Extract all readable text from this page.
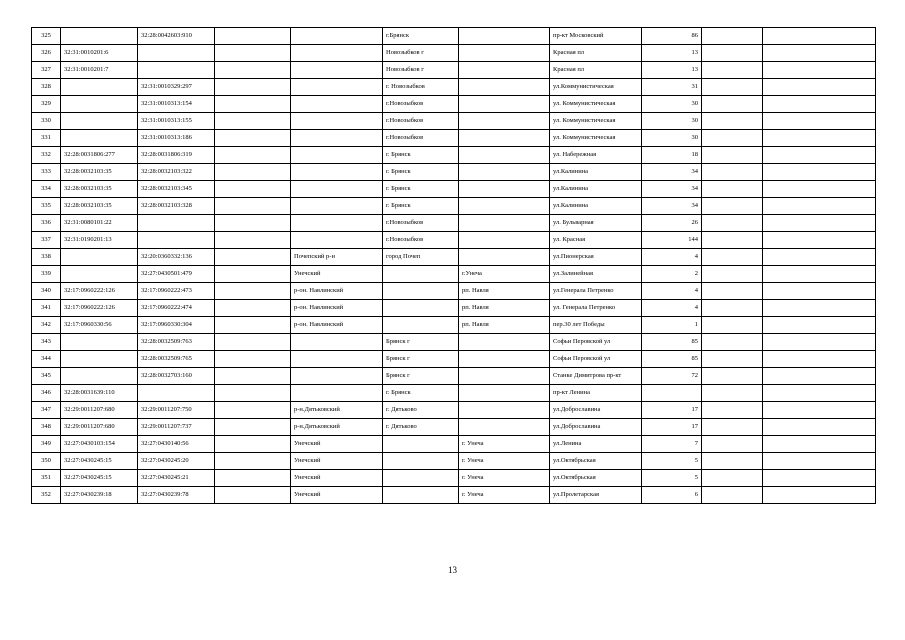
325		32:28:0042603:910			г.Брянск		пр-кт Московский	86		
326	32:31:0010201:6				Новозыбков г		Красная пл	13		
327	32:31:0010201:7				Новозыбков г		Красная пл	13		
328		32:31:0010329:297			г. Новозыбков		ул.Коммунистическая	31		
329		32:31:0010313:154			г.Новозыбков		ул. Коммунистическая	30		
330		32:31:0010313:155			г.Новозыбков		ул. Коммунистическая	30		
331		32:31:0010313:186			г.Новозыбков		ул. Коммунистическая	30		
332	32:28:0031806:277	32:28:0031806:319			г. Брянск		ул. Набережная	18		
333	32:28:0032103:35	32:28:0032103:322			г. Брянск		ул.Калинина	34		
334	32:28:0032103:35	32:28:0032103:345			г. Брянск		ул.Калинина	34		
335	32:28:0032103:35	32:28:0032103:328			г. Брянск		ул.Калинина	34		
336	32:31:0080101:22				г.Новозыбков		ул. Бульварная	26		
337	32:31:0190201:13				г.Новозыбков		ул. Красная	144		
338		32:20:0360332:136		Почепский р-н	город Почеп		ул.Пионерская	4		
339		32:27:0430501:479		Унечский		г.Унеча	ул.Залинейная	2		
340	32:17:0960222:126	32:17:0960222:473		р-он. Навлинский		рп. Навля	ул.Генерала Петренко	4		
341	32:17:0960222:126	32:17:0960222:474		р-он. Навлинский		рп. Навля	ул. Генерала Петренко	4		
342	32:17:0960330:56	32:17:0960330:304		р-он. Навлинский		рп. Навля	пер.30 лет Победы	1		
343		32:28:0032509:763			Брянск г		Софьи Перовской ул	85		
344		32:28:0032509:765			Брянск г		Софьи Перовской ул	85		
345		32:28:0032703:160			Брянск г		Станке Димитрова пр-кт	72		
346	32:28:0031639:110				г. Брянск		пр-кт Ленина			
347	32:29:0011207:680	32:29:0011207:750		р-н.Дятьковский	г. Дятьково		ул.Доброславина	17		
348	32:29:0011207:680	32:29:0011207:737		р-н.Дятьковский	г. Дятьково		ул.Доброславина	17		
349	32:27:0430103:154	32:27:0430140:56		Унечский		г. Унеча	ул.Ленина	7		
350	32:27:0430245:15	32:27:0430245:20		Унечский		г. Унеча	ул.Октябрьская	5		
351	32:27:0430245:15	32:27:0430245:21		Унечский		г. Унеча	ул.Октябрьская	5		
352	32:27:0430239:18	32:27:0430239:78		Унечский		г. Унеча	ул.Пролетарская	6		
13
